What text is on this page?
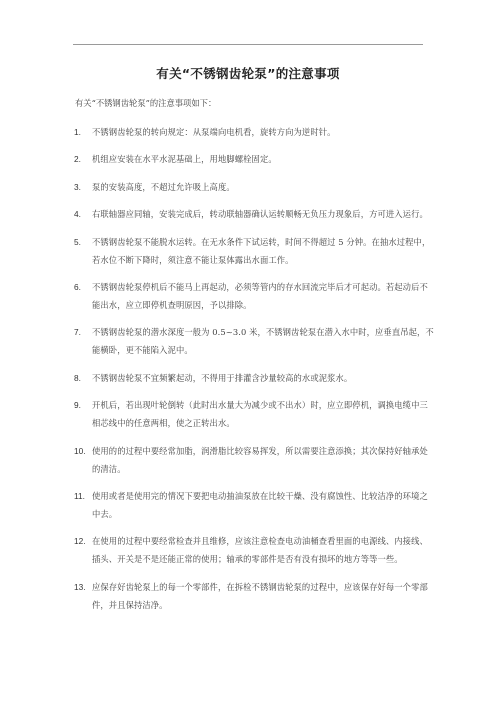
有关“不锈钢齿轮泵”的注意事项
有关“不锈钢齿轮泵”的注意事项如下：
1. 不锈钢齿轮泵的转向规定：从泵端向电机看，旋转方向为逆时针。
2. 机组应安装在水平水泥基础上，用地脚螺栓固定。
3. 泵的安装高度，不超过允许吸上高度。
4. 右联轴器应同轴，安装完成后，转动联轴器确认运转顺畅无负压力现象后，方可进入运行。
5. 不锈钢齿轮泵不能脱水运转。在无水条件下试运转，时间不得超过 5 分钟。在抽水过程中，若水位不断下降时，须注意不能让泵体露出水面工作。
6. 不锈钢齿轮泵停机后不能马上再起动，必须等管内的存水回流完毕后才可起动。若起动后不能出水，应立即停机查明原因，予以排除。
7. 不锈钢齿轮泵的潜水深度一般为 0.5~3.0 米，不锈钢齿轮泵在潜入水中时，应垂直吊起，不能横卧，更不能陷入泥中。
8. 不锈钢齿轮泵不宜频繁起动，不得用于排灌含沙量较高的水或泥浆水。
9. 开机后，若出现叶轮倒转（此时出水量大为减少或不出水）时，应立即停机，调换电缆中三相芯线中的任意两相，使之正转出水。
10. 使用的的过程中要经常加脂，润滑脂比较容易挥发，所以需要注意添换；其次保持好轴承处的清洁。
11. 使用或者是使用完的情况下要把电动抽油泵放在比较干燥、没有腐蚀性、比较洁净的环境之中去。
12. 在使用的过程中要经常检查并且维修，应该注意检查电动油桶查看里面的电源线、内接线、插头、开关是不是还能正常的使用；轴承的零部件是否有没有损坏的地方等等一些。
13. 应保存好齿轮泵上的每一个零部件，在拆检不锈钢齿轮泵的过程中，应该保存好每一个零部件，并且保持洁净。
